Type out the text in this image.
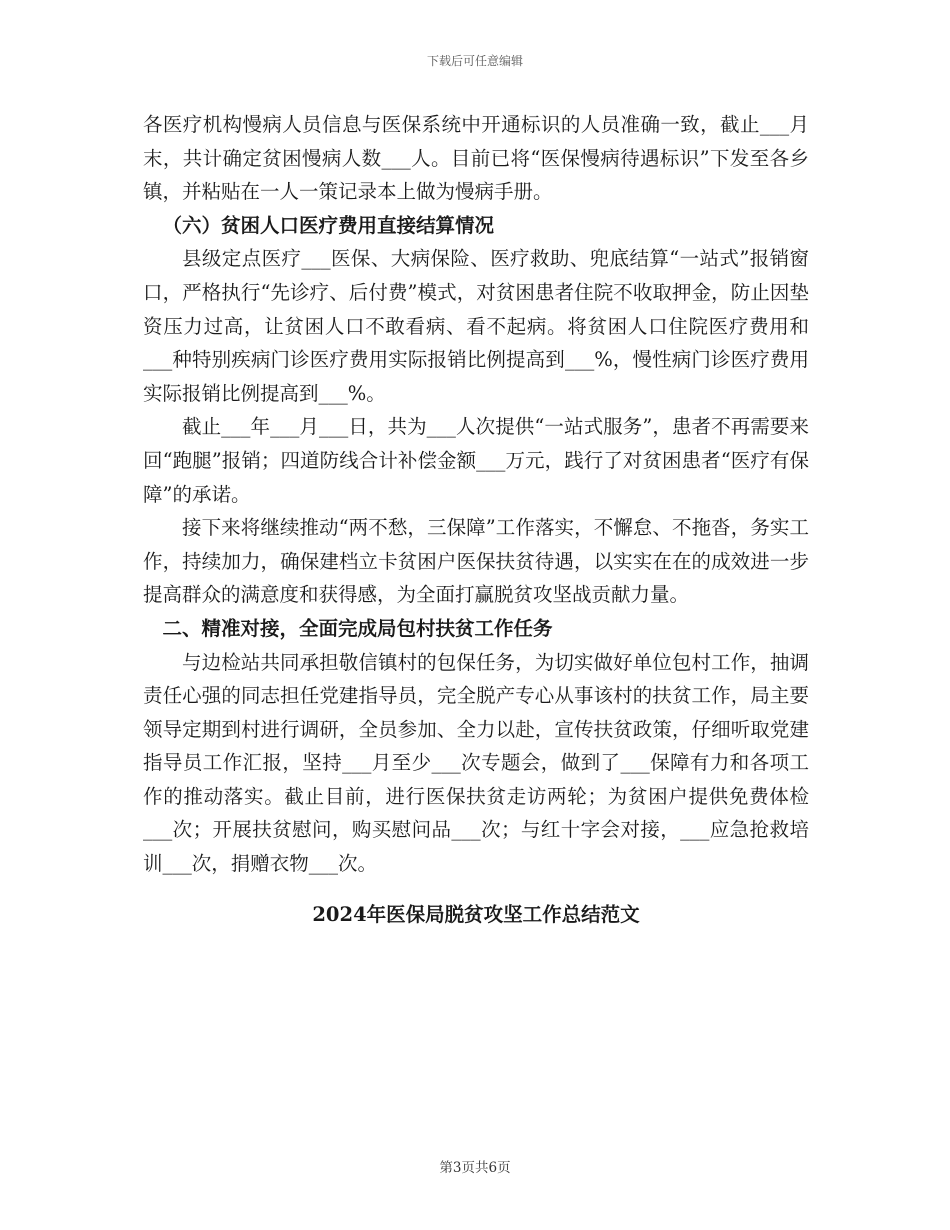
下载后可任意编辑

各医疗机构慢病人员信息与医保系统中开通标识的人员准确一致，截止___月末，共计确定贫困慢病人数___人。目前已将“医保慢病待遇标识”下发至各乡镇，并粘贴在一人一策记录本上做为慢病手册。

（六）贫困人口医疗费用直接结算情况

县级定点医疗___医保、大病保险、医疗救助、兜底结算“一站式”报销窗口，严格执行“先诊疗、后付费”模式，对贫困患者住院不收取押金，防止因垫资压力过高，让贫困人口不敢看病、看不起病。将贫困人口住院医疗费用和___种特别疾病门诊医疗费用实际报销比例提高到___%，慢性病门诊医疗费用实际报销比例提高到___%。

截止___年___月___日，共为___人次提供“一站式服务”，患者不再需要来回“跑腿”报销；四道防线合计补偿金额___万元，践行了对贫困患者“医疗有保障”的承诺。

接下来将继续推动“两不愁，三保障”工作落实，不懈怠、不拖沓，务实工作，持续加力，确保建档立卡贫困户医保扶贫待遇，以实实在在的成效进一步提高群众的满意度和获得感，为全面打赢脱贫攻坚战贡献力量。

二、精准对接，全面完成局包村扶贫工作任务

与边检站共同承担敬信镇村的包保任务，为切实做好单位包村工作，抽调责任心强的同志担任党建指导员，完全脱产专心从事该村的扶贫工作，局主要领导定期到村进行调研，全员参加、全力以赴，宣传扶贫政策，仔细听取党建指导员工作汇报，坚持___月至少___次专题会，做到了___保障有力和各项工作的推动落实。截止目前，进行医保扶贫走访两轮；为贫困户提供免费体检___次；开展扶贫慰问，购买慰问品___次；与红十字会对接，___应急抢救培训___次，捐赠衣物___次。

2024年医保局脱贫攻坚工作总结范文

第3页共6页
